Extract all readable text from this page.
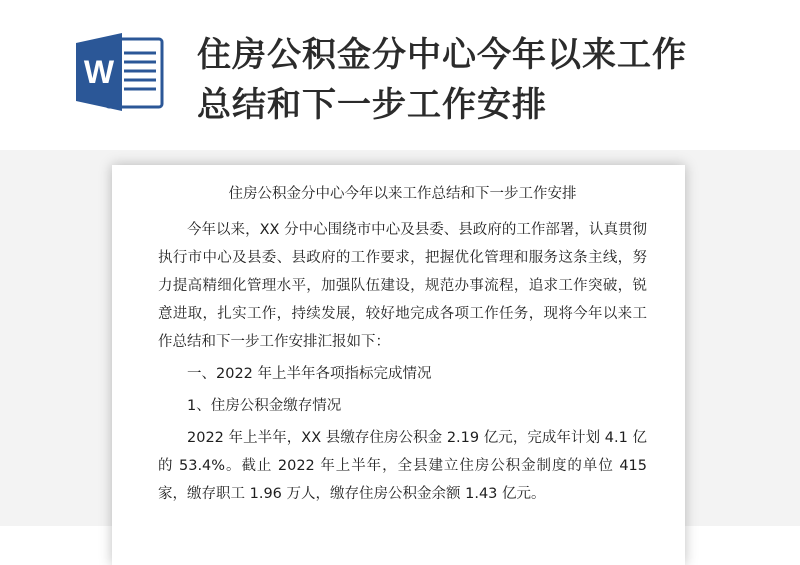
W 住房公积金分中心今年以来工作
总结和下一步工作安排
住房公积金分中心今年以来工作总结和下一步工作安排

今年以来，XX 分中心围绕市中心及县委、县政府的工作部署，认真贯彻执行市中心及县委、县政府的工作要求，把握优化管理和服务这条主线，努力提高精细化管理水平，加强队伍建设，规范办事流程，追求工作突破，锐意进取，扎实工作，持续发展，较好地完成各项工作任务，现将今年以来工作总结和下一步工作安排汇报如下：

一、2022 年上半年各项指标完成情况
1、住房公积金缴存情况

2022 年上半年，XX 县缴存住房公积金 2.19 亿元，完成年计划 4.1 亿的 53.4%。截止 2022 年上半年，全县建立住房公积金制度的单位 415 家，缴存职工 1.96 万人，缴存住房公积金余额 1.43 亿元。
